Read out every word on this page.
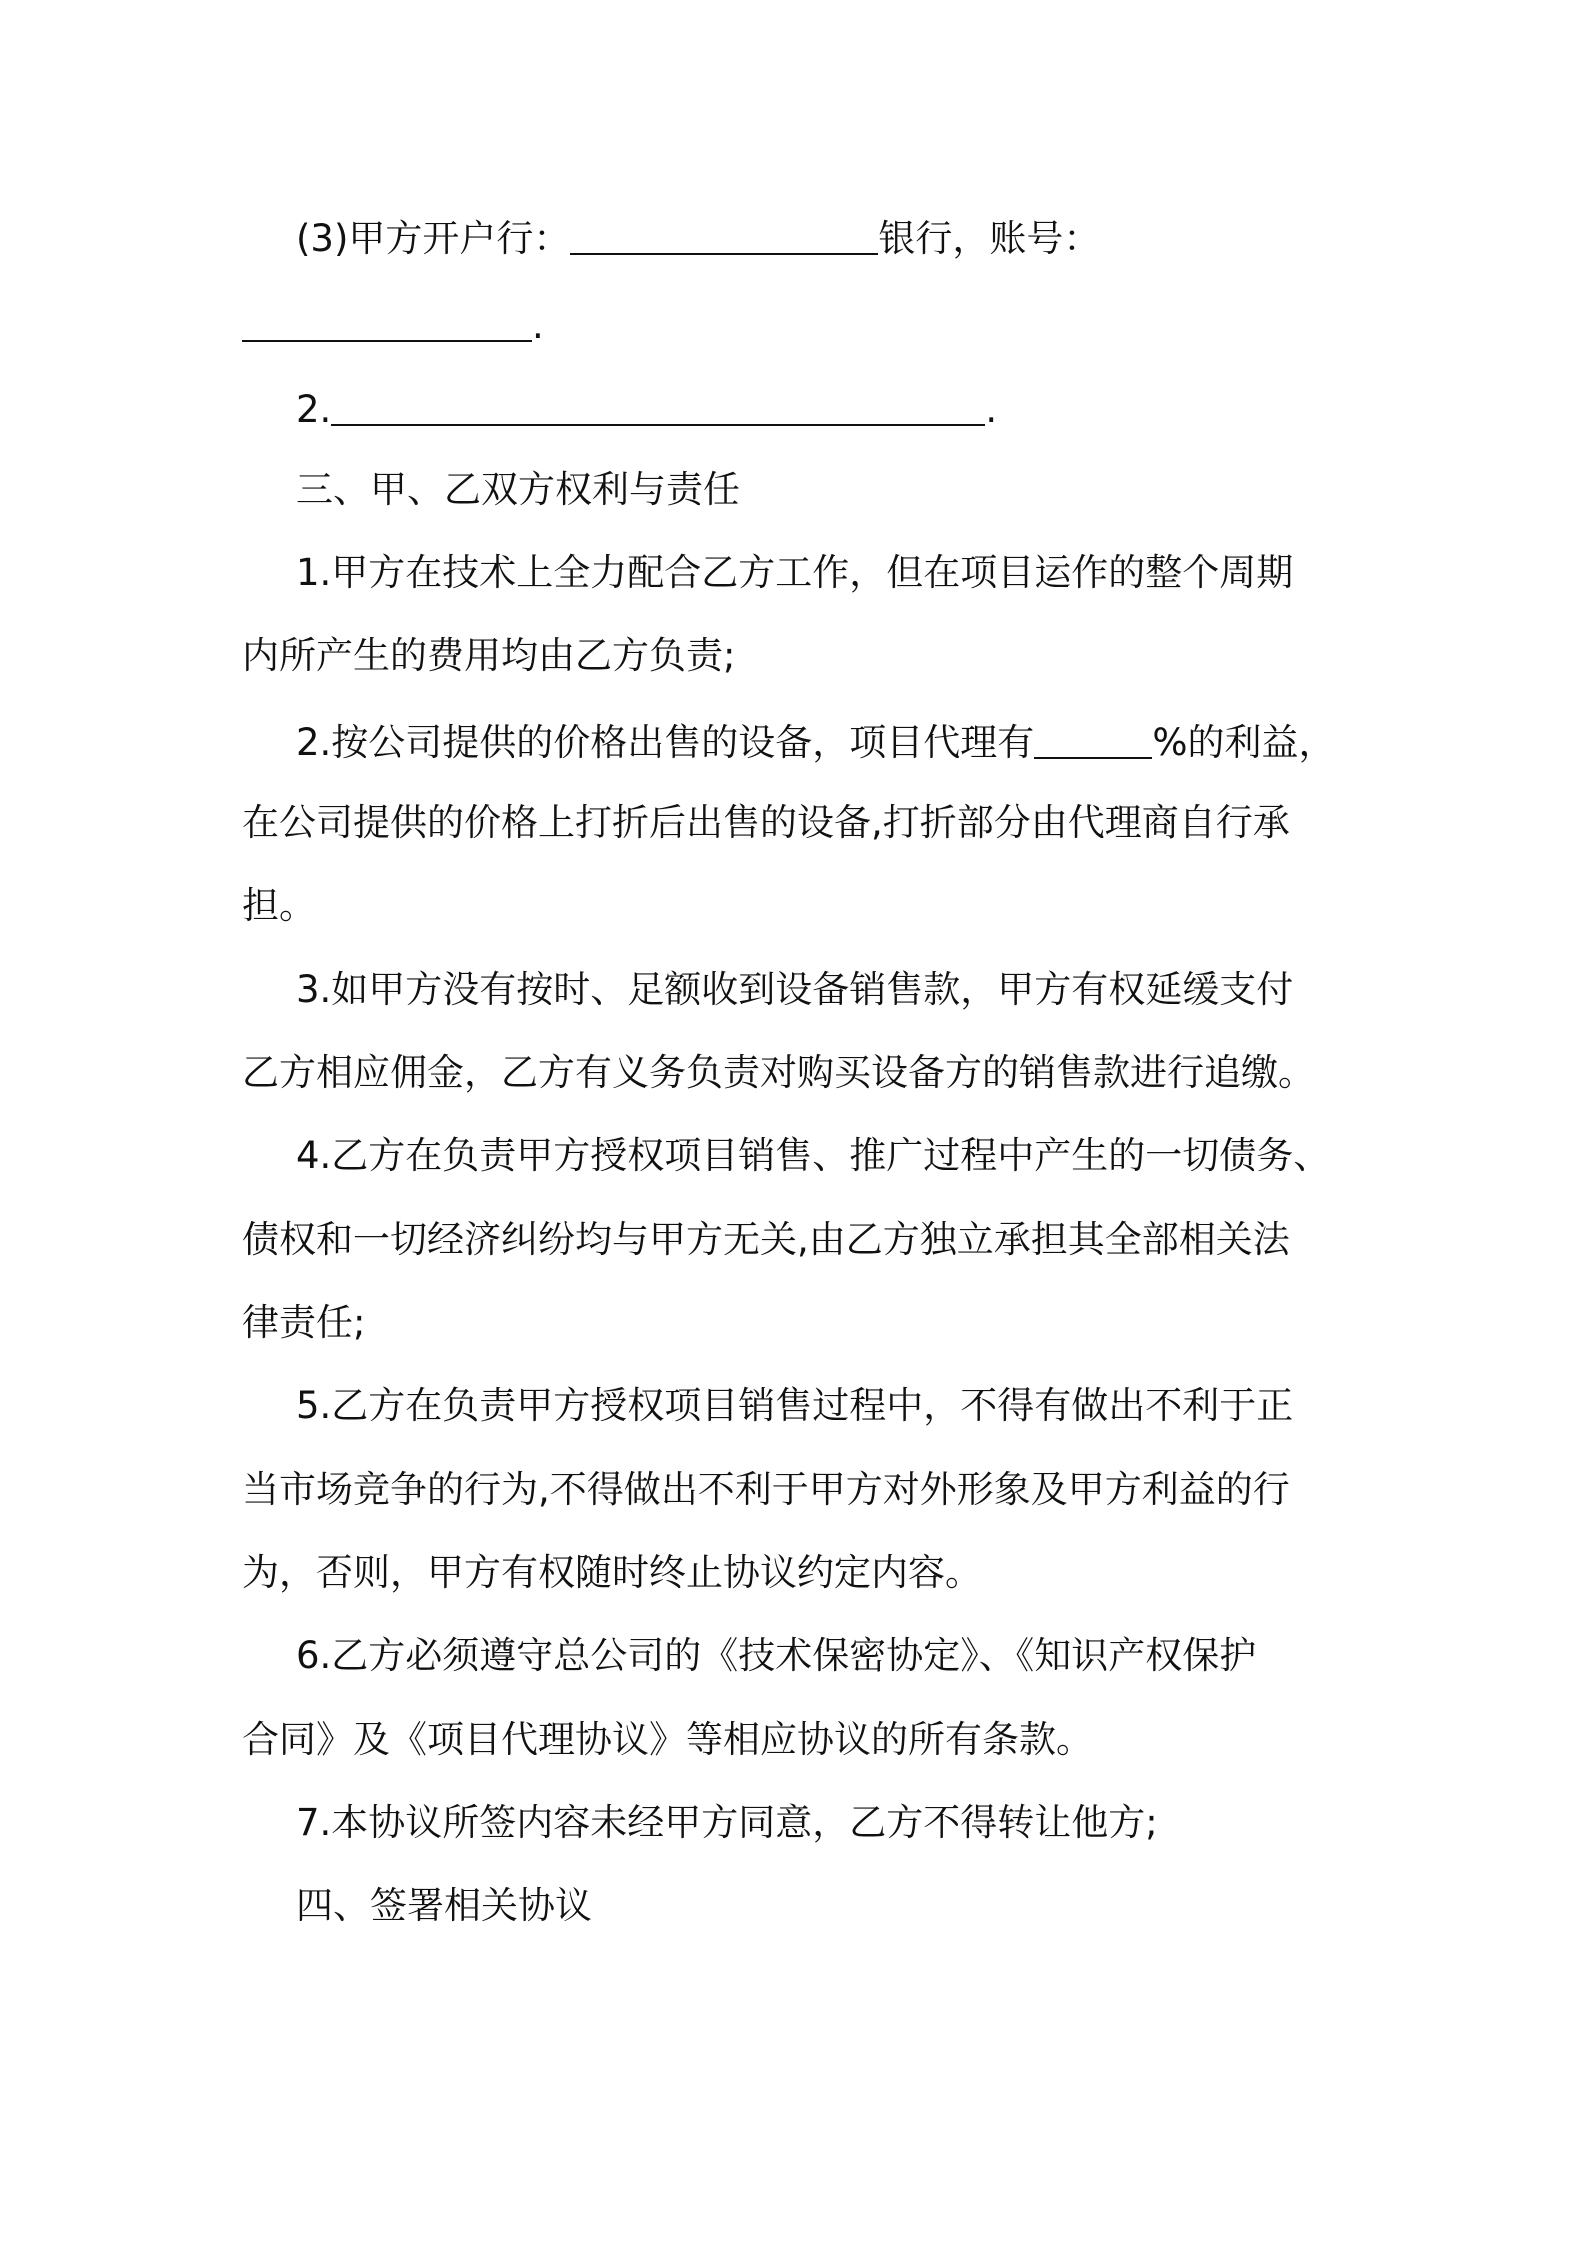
(3)甲方开户行：	银行，账号：
.
2.	.
三、甲、乙双方权利与责任
1.甲方在技术上全力配合乙方工作，但在项目运作的整个周期
内所产生的费用均由乙方负责;
2.按公司提供的价格出售的设备，项目代理有	%的利益，
在公司提供的价格上打折后出售的设备,打折部分由代理商自行承
担。
3.如甲方没有按时、足额收到设备销售款，甲方有权延缓支付
乙方相应佣金，乙方有义务负责对购买设备方的销售款进行追缴。
4.乙方在负责甲方授权项目销售、推广过程中产生的一切债务、
债权和一切经济纠纷均与甲方无关,由乙方独立承担其全部相关法
律责任;
5.乙方在负责甲方授权项目销售过程中，不得有做出不利于正
当市场竞争的行为,不得做出不利于甲方对外形象及甲方利益的行
为，否则，甲方有权随时终止协议约定内容。
6.乙方必须遵守总公司的《技术保密协定》、《知识产权保护
合同》及《项目代理协议》等相应协议的所有条款。
7.本协议所签内容未经甲方同意，乙方不得转让他方;
四、签署相关协议
